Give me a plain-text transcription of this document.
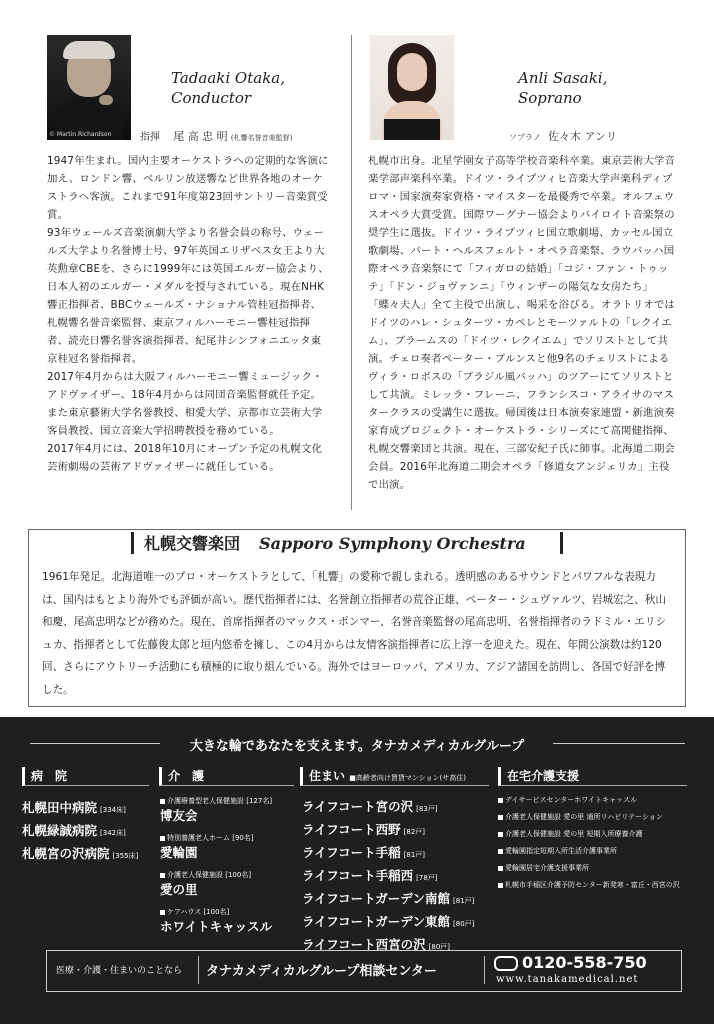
© Martin Richardson
Tadaaki Otaka,
Conductor
指揮 尾 高 忠 明 (札響名誉音楽監督)

1947年生まれ。国内主要オーケストラへの定期的な客演に加え、ロンドン響、ベルリン放送響など世界各地のオーケストラへ客演。これまで91年度第23回サントリー音楽賞受賞。

93年ウェールズ音楽演劇大学より名誉会員の称号、ウェールズ大学より名誉博士号、97年英国エリザベス女王より大英勲章CBEを、さらに1999年には英国エルガー協会より、日本人初のエルガー・メダルを授与されている。現在NHK響正指揮者、BBCウェールズ・ナショナル管桂冠指揮者、札幌響名誉音楽監督、東京フィルハーモニー響桂冠指揮者、読売日響名誉客演指揮者、紀尾井シンフォニエッタ東京桂冠名誉指揮者。

2017年4月からは大阪フィルハーモニー響ミュージック・アドヴァイザー、18年4月からは同団音楽監督就任予定。また東京藝術大学名誉教授、相愛大学、京都市立芸術大学客員教授、国立音楽大学招聘教授を務めている。

2017年4月には、2018年10月にオープン予定の札幌文化芸術劇場の芸術アドヴァイザーに就任している。

Anli Sasaki,
Soprano
ソプラノ 佐々木 アンリ

札幌市出身。北星学園女子高等学校音楽科卒業。東京芸術大学音楽学部声楽科卒業。ドイツ・ライプツィヒ音楽大学声楽科ディプロマ・国家演奏家資格・マイスターを最優秀で卒業。オルフェウスオペラ大賞受賞。国際ワーグナー協会よりバイロイト音楽祭の奨学生に選抜。ドイツ・ライプツィヒ国立歌劇場、カッセル国立歌劇場、バート・ヘルスフェルト・オペラ音楽祭、ラウバッハ国際オペラ音楽祭にて「フィガロの結婚」「コジ・ファン・トゥッテ」「ドン・ジョヴァンニ」「ウィンザーの陽気な女房たち」「蝶々夫人」全て主役で出演し、喝采を浴びる。オラトリオではドイツのハレ・シュターツ・カペレとモーツァルトの「レクイエム」、ブラームスの「ドイツ・レクイエム」でソリストとして共演。チェロ奏者ペーター・ブルンスと他9名のチェリストによるヴィラ・ロボスの「ブラジル風バッハ」のツアーにてソリストとして共演。ミレッラ・フレーニ、フランシスコ・アライサのマスタークラスの受講生に選抜。帰国後は日本演奏家連盟・新進演奏家育成プロジェクト・オーケストラ・シリーズにて高関健指揮、札幌交響楽団と共演。現在、三部安紀子氏に師事。北海道二期会会員。2016年北海道二期会オペラ「修道女アンジェリカ」主役で出演。

札幌交響楽団 Sapporo Symphony Orchestra
1961年発足。北海道唯一のプロ・オーケストラとして、「札響」の愛称で親しまれる。透明感のあるサウンドとパワフルな表現力は、国内はもとより海外でも評価が高い。歴代指揮者には、名誉創立指揮者の荒谷正雄、ペーター・シュヴァルツ、岩城宏之、秋山和慶、尾高忠明などが務めた。現在、首席指揮者のマックス・ポンマー、名誉音楽監督の尾高忠明、名誉指揮者のラドミル・エリシュカ、指揮者として佐藤俊太郎と垣内悠希を擁し、この4月からは友情客演指揮者に広上淳一を迎えた。現在、年間公演数は約120回、さらにアウトリーチ活動にも積極的に取り組んでいる。海外ではヨーロッパ、アメリカ、アジア諸国を訪問し、各国で好評を博した。
大きな輪であなたを支えます。タナカメディカルグループ
病　院
札幌田中病院 [334床]
札幌緑誠病院 [342床]
札幌宮の沢病院 [355床]
介　護
介護療養型老人保健施設 [127名]
博友会
特別養護老人ホーム [90名]
愛輪園
介護老人保健施設 [100名]
愛の里
ケアハウス [100名]
ホワイトキャッスル
住まい ■高齢者向け賃貸マンション(サ高住)
ライフコート宮の沢 [83戸]
ライフコート西野 [82戸]
ライフコート手稲 [81戸]
ライフコート手稲西 [78戸]
ライフコートガーデン南館 [81戸]
ライフコートガーデン東館 [80戸]
ライフコート西宮の沢 [80戸]
在宅介護支援
デイサービスセンターホワイトキャッスル
介護老人保健施設 愛の里 通所リハビリテーション
介護老人保健施設 愛の里 短期入所療養介護
愛輪園指定短期入所生活介護事業所
愛輪園居宅介護支援事業所
札幌市手稲区介護予防センター新発寒・富丘・西宮の沢
医療・介護・住まいのことなら タナカメディカルグループ相談センター	0120-558-750
www.tanakamedical.net
